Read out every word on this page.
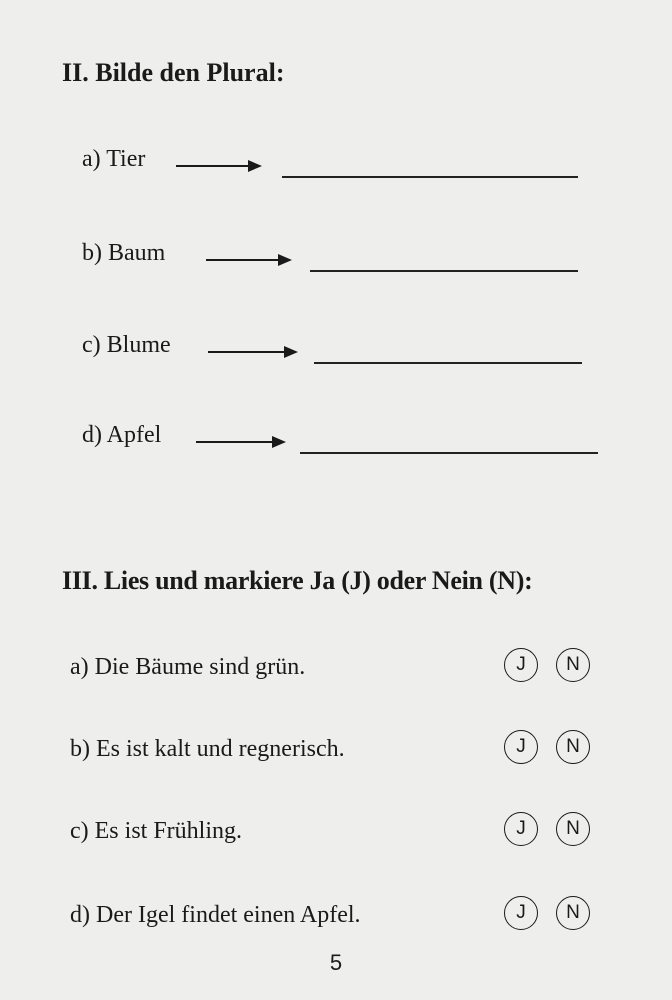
II. Bilde den Plural:
a) Tier
b) Baum
c) Blume
d) Apfel
III. Lies und markiere Ja (J) oder Nein (N):
a) Die Bäume sind grün.	J	N
b) Es ist kalt und regnerisch.	J	N
c) Es ist Frühling.	J	N
d) Der Igel findet einen Apfel.	J	N
5
